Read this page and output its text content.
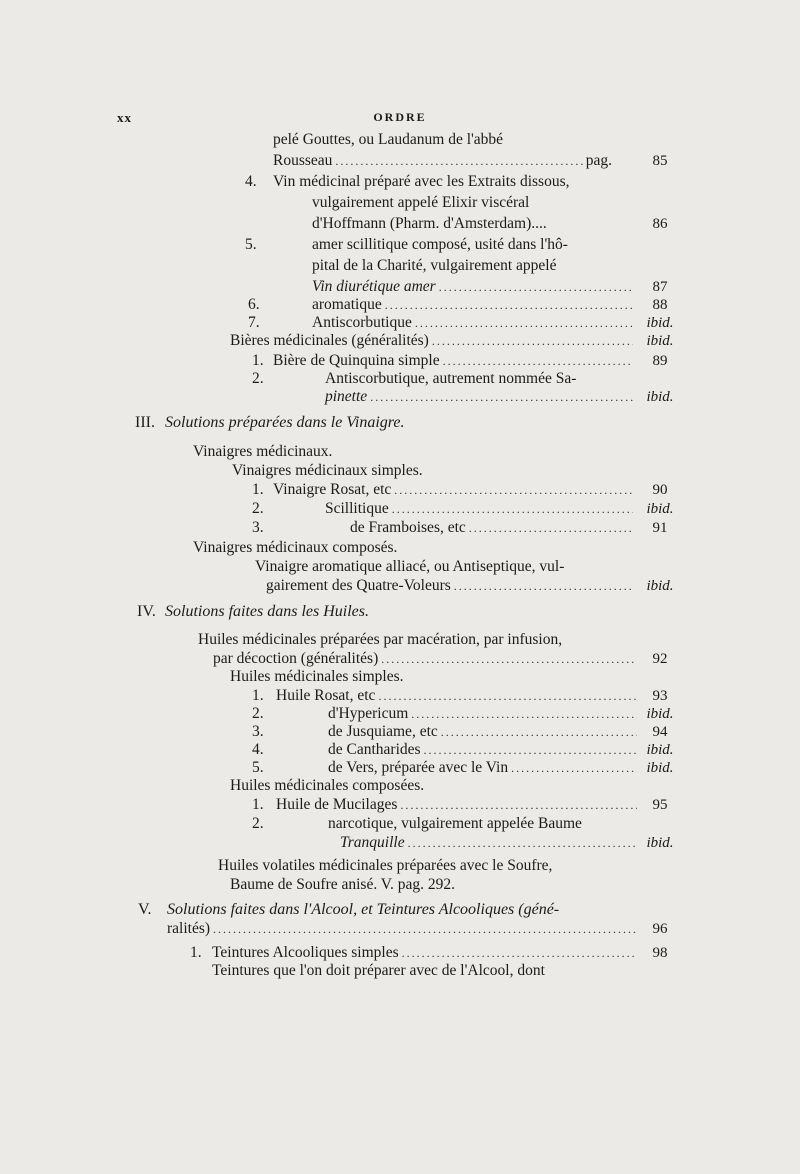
xx	ORDRE
pelé Gouttes, ou Laudanum de l'abbé
Rousseau .....	pag.	85
4. Vin médicinal préparé avec les Extraits dissous,
vulgairement appelé Elixir viscéral
d'Hoffmann (Pharm. d'Amsterdam)....	86
5.	amer scillitique composé, usité dans l'hô-
pital de la Charité, vulgairement appelé
Vin diurétique amer .....	87
6.	aromatique .....	88
7.	Antiscorbutique .....	ibid.
Bières médicinales (généralités) .....	ibid.
1. Bière de Quinquina simple .....	89
2.	Antiscorbutique, autrement nommée Sa-
pinette .....	ibid.
III. Solutions préparées dans le Vinaigre.
Vinaigres médicinaux.
Vinaigres médicinaux simples.
1. Vinaigre Rosat, etc .....	90
2.	Scillitique .....	ibid.
3.	de Framboises, etc .....	91
Vinaigres médicinaux composés.
Vinaigre aromatique alliacé, ou Antiseptique, vul-
gairement des Quatre-Voleurs .....	ibid.
IV. Solutions faites dans les Huiles.
Huiles médicinales préparées par macération, par infusion,
par décoction (généralités) .....	92
Huiles médicinales simples.
1. Huile Rosat, etc .....	93
2.	d'Hypericum .....	ibid.
3.	de Jusquiame, etc .....	94
4.	de Cantharides .....	ibid.
5.	de Vers, préparée avec le Vin .....	ibid.
Huiles médicinales composées.
1. Huile de Mucilages .....	95
2.	narcotique, vulgairement appelée Baume
Tranquille .....	ibid.
Huiles volatiles médicinales préparées avec le Soufre,
Baume de Soufre anisé. V. pag. 292.
V. Solutions faites dans l'Alcool, et Teintures Alcooliques (géné-
ralités) .....	96
1. Teintures Alcooliques simples .....	98
Teintures que l'on doit préparer avec de l'Alcool, dont
